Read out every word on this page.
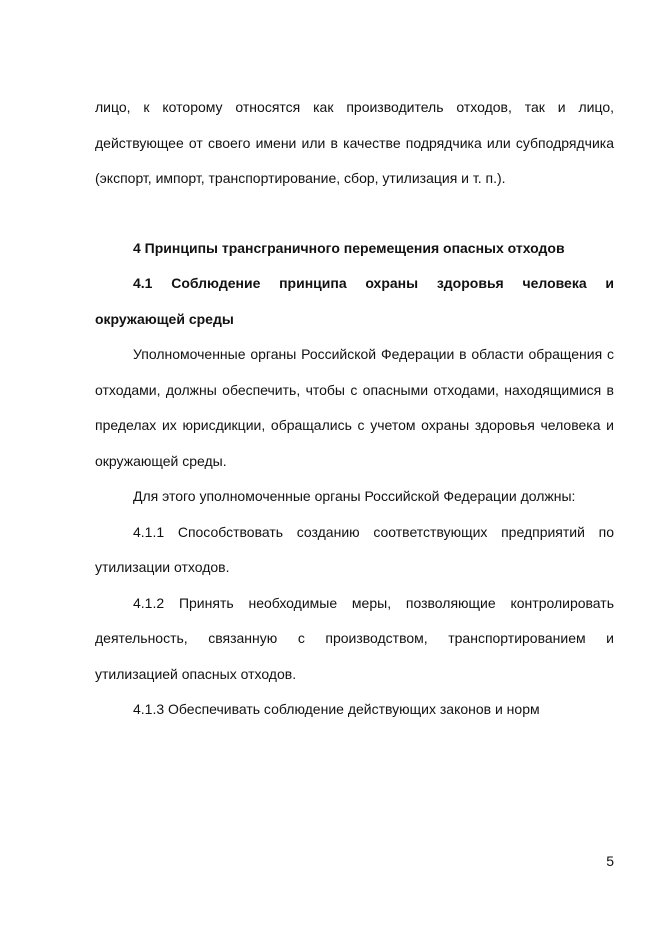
лицо, к которому относятся как производитель отходов, так и лицо, действующее от своего имени или в качестве подрядчика или субподрядчика (экспорт, импорт, транспортирование, сбор, утилизация и т. п.).

4 Принципы трансграничного перемещения опасных отходов

4.1 Соблюдение принципа охраны здоровья человека и окружающей среды

Уполномоченные органы Российской Федерации в области обращения с отходами, должны обеспечить, чтобы с опасными отходами, находящимися в пределах их юрисдикции, обращались с учетом охраны здоровья человека и окружающей среды.

Для этого уполномоченные органы Российской Федерации должны:

4.1.1 Способствовать созданию соответствующих предприятий по утилизации отходов.

4.1.2 Принять необходимые меры, позволяющие контролировать деятельность, связанную с производством, транспортированием и утилизацией опасных отходов.

4.1.3 Обеспечивать соблюдение действующих законов и норм

5
